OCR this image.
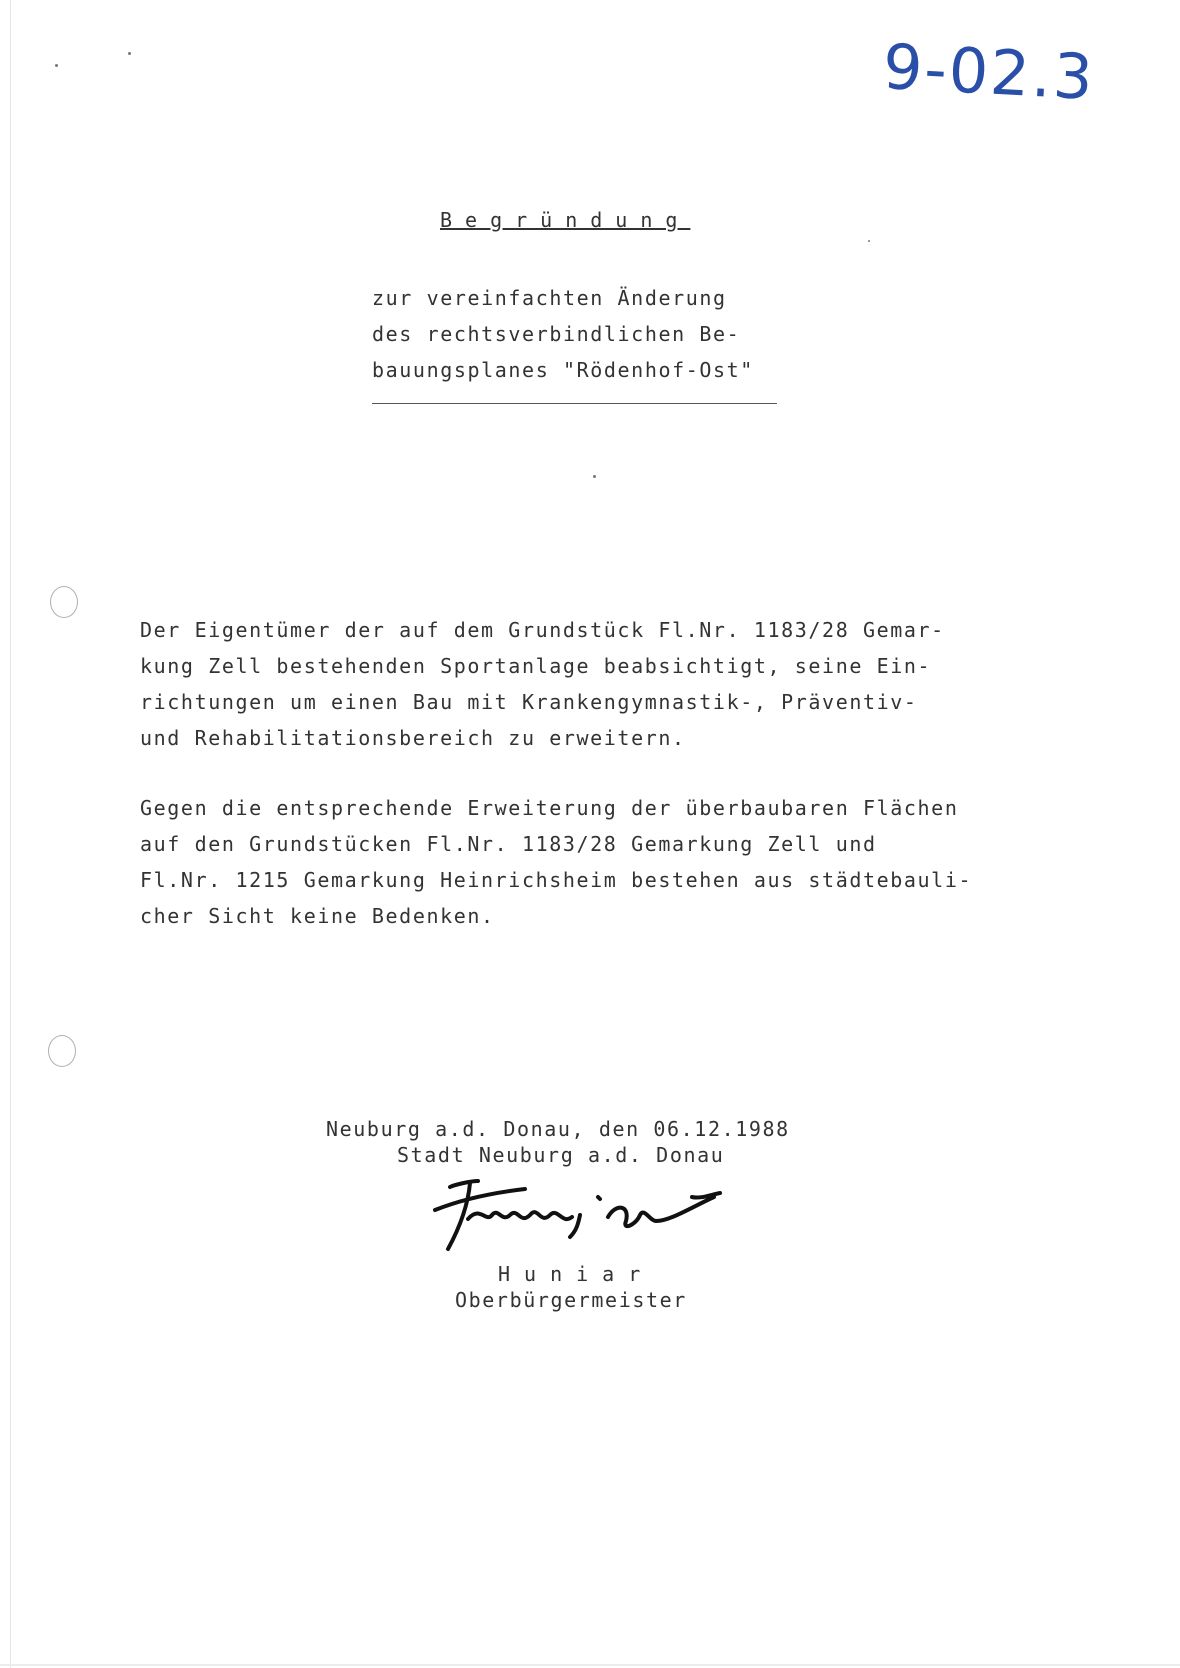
9-02.3
Begründung
zur vereinfachten Änderung
des rechtsverbindlichen Be-
bauungsplanes "Rödenhof-Ost"
Der Eigentümer der auf dem Grundstück Fl.Nr. 1183/28 Gemar-
kung Zell bestehenden Sportanlage beabsichtigt, seine Ein-
richtungen um einen Bau mit Krankengymnastik-, Präventiv-
und Rehabilitationsbereich zu erweitern.
Gegen die entsprechende Erweiterung der überbaubaren Flächen
auf den Grundstücken Fl.Nr. 1183/28 Gemarkung Zell und
Fl.Nr. 1215 Gemarkung Heinrichsheim bestehen aus städtebauli-
cher Sicht keine Bedenken.
Neuburg a.d. Donau, den 06.12.1988
Stadt Neuburg a.d. Donau
Huniar
Oberbürgermeister
